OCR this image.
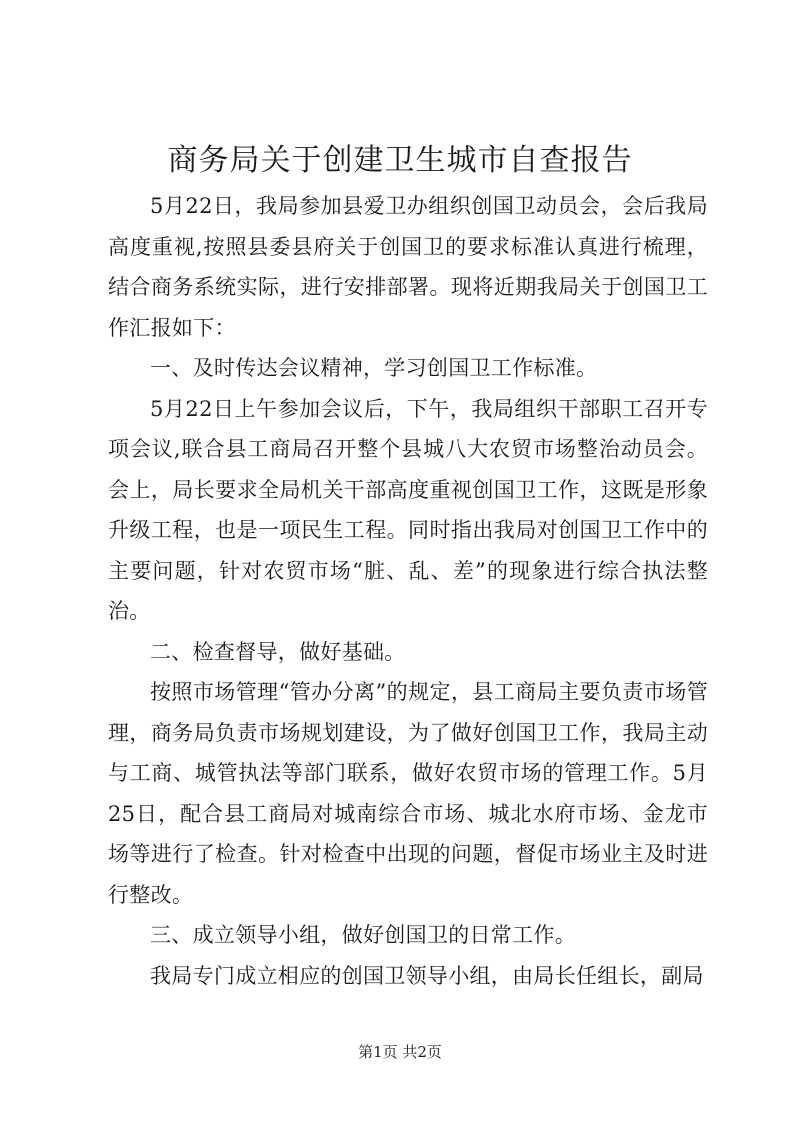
商务局关于创建卫生城市自查报告

5月22日，我局参加县爱卫办组织创国卫动员会，会后我局高度重视,按照县委县府关于创国卫的要求标准认真进行梳理，结合商务系统实际，进行安排部署。现将近期我局关于创国卫工作汇报如下：

一、及时传达会议精神，学习创国卫工作标准。

5月22日上午参加会议后，下午，我局组织干部职工召开专项会议,联合县工商局召开整个县城八大农贸市场整治动员会。会上，局长要求全局机关干部高度重视创国卫工作，这既是形象升级工程，也是一项民生工程。同时指出我局对创国卫工作中的主要问题，针对农贸市场“脏、乱、差”的现象进行综合执法整治。

二、检查督导，做好基础。

按照市场管理“管办分离”的规定，县工商局主要负责市场管理，商务局负责市场规划建设，为了做好创国卫工作，我局主动与工商、城管执法等部门联系，做好农贸市场的管理工作。5月25日，配合县工商局对城南综合市场、城北水府市场、金龙市场等进行了检查。针对检查中出现的问题，督促市场业主及时进行整改。

三、成立领导小组，做好创国卫的日常工作。

我局专门成立相应的创国卫领导小组，由局长任组长，副局

第1页 共2页
